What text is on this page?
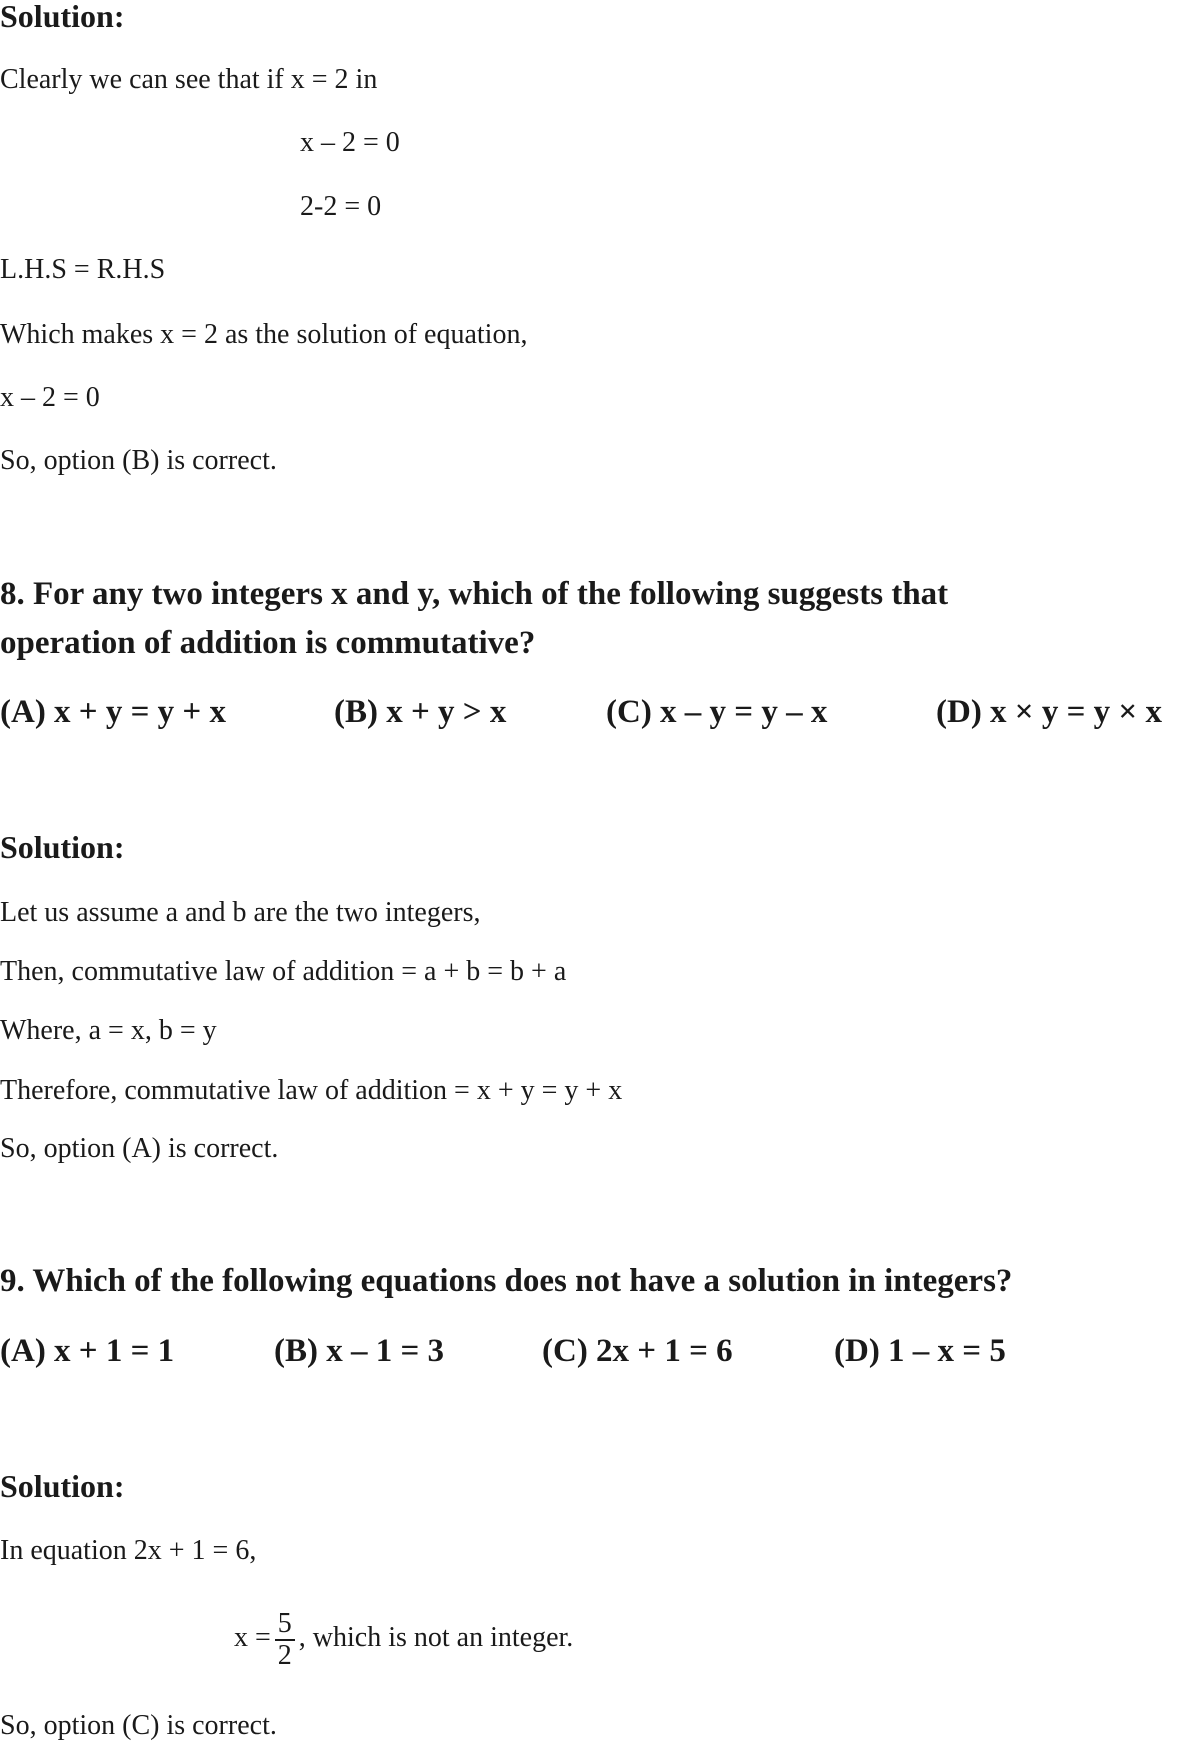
Solution:
Clearly we can see that if x = 2 in
x – 2 = 0
2-2 = 0
L.H.S = R.H.S
Which makes x = 2 as the solution of equation,
x – 2 = 0
So, option (B) is correct.
8. For any two integers x and y, which of the following suggests that
operation of addition is commutative?
(A) x + y = y + x	(B) x + y > x	(C) x – y = y – x	(D) x × y = y × x
Solution:
Let us assume a and b are the two integers,
Then, commutative law of addition = a + b = b + a
Where, a = x, b = y
Therefore, commutative law of addition = x + y = y + x
So, option (A) is correct.
9. Which of the following equations does not have a solution in integers?
(A) x + 1 = 1	(B) x – 1 = 3	(C) 2x + 1 = 6	(D) 1 – x = 5
Solution:
In equation 2x + 1 = 6,
$x = \frac{5}{2}$ , which is not an integer.
So, option (C) is correct.
